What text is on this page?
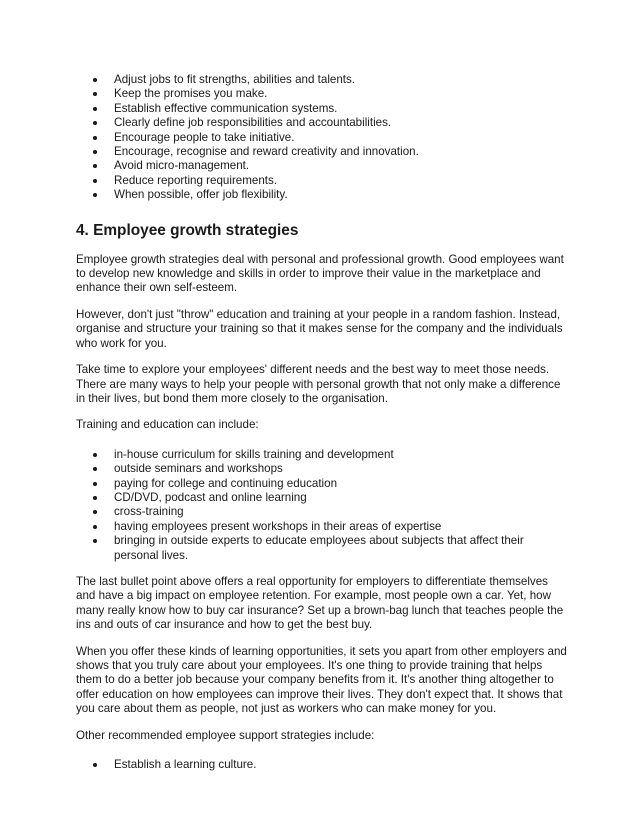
Adjust jobs to fit strengths, abilities and talents.
Keep the promises you make.
Establish effective communication systems.
Clearly define job responsibilities and accountabilities.
Encourage people to take initiative.
Encourage, recognise and reward creativity and innovation.
Avoid micro-management.
Reduce reporting requirements.
When possible, offer job flexibility.
4. Employee growth strategies

Employee growth strategies deal with personal and professional growth. Good employees want to develop new knowledge and skills in order to improve their value in the marketplace and enhance their own self-esteem.

However, don't just "throw" education and training at your people in a random fashion. Instead, organise and structure your training so that it makes sense for the company and the individuals who work for you.

Take time to explore your employees' different needs and the best way to meet those needs. There are many ways to help your people with personal growth that not only make a difference in their lives, but bond them more closely to the organisation.

Training and education can include:

in-house curriculum for skills training and development
outside seminars and workshops
paying for college and continuing education
CD/DVD, podcast and online learning
cross-training
having employees present workshops in their areas of expertise
bringing in outside experts to educate employees about subjects that affect their personal lives.

The last bullet point above offers a real opportunity for employers to differentiate themselves and have a big impact on employee retention. For example, most people own a car. Yet, how many really know how to buy car insurance? Set up a brown-bag lunch that teaches people the ins and outs of car insurance and how to get the best buy.

When you offer these kinds of learning opportunities, it sets you apart from other employers and shows that you truly care about your employees. It's one thing to provide training that helps them to do a better job because your company benefits from it. It's another thing altogether to offer education on how employees can improve their lives. They don't expect that. It shows that you care about them as people, not just as workers who can make money for you.

Other recommended employee support strategies include:

Establish a learning culture.
